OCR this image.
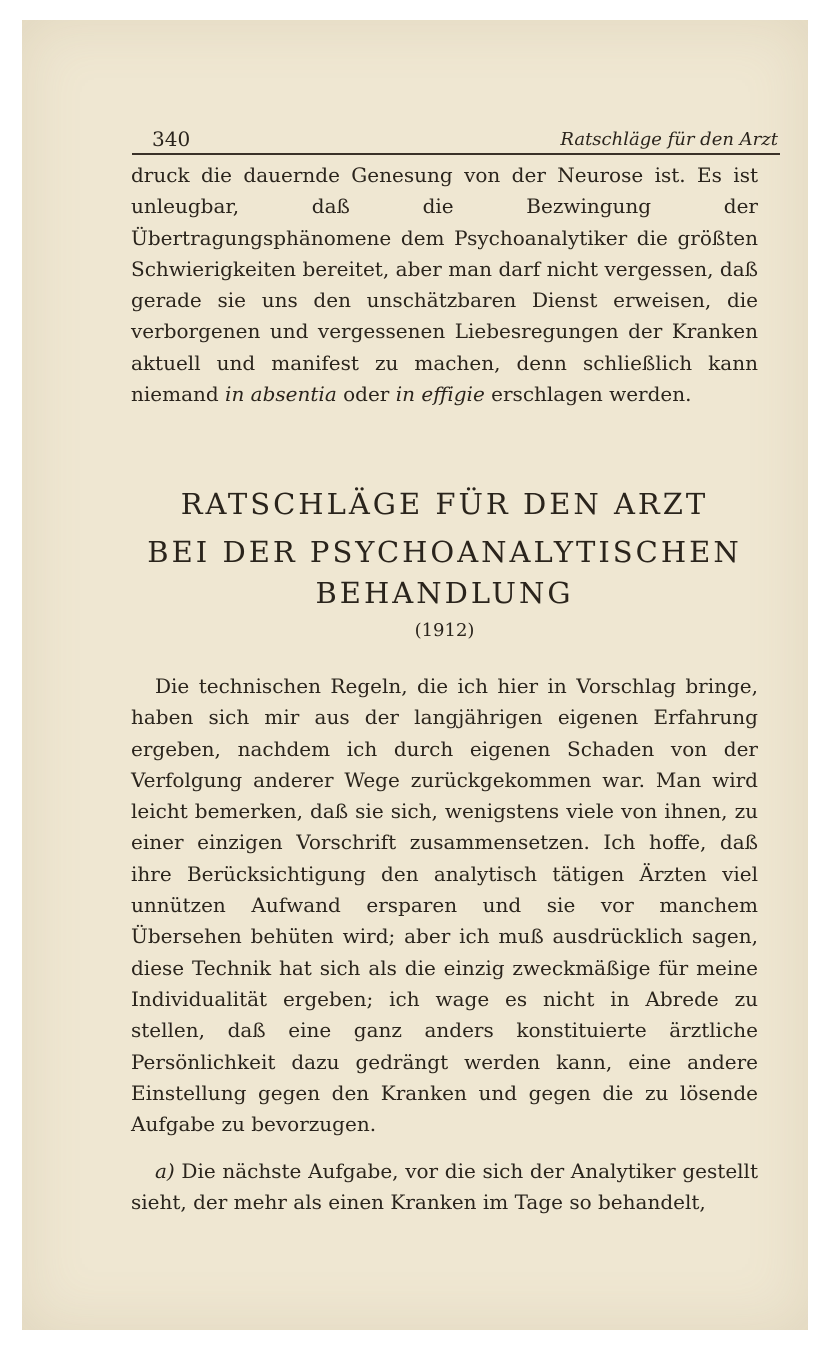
340	Ratschläge für den Arzt

druck die dauernde Genesung von der Neurose ist. Es ist unleugbar, daß die Bezwingung der Übertragungsphänomene dem Psychoanalytiker die größten Schwierigkeiten bereitet, aber man darf nicht vergessen, daß gerade sie uns den unschätzbaren Dienst erweisen, die verborgenen und vergessenen Liebesregungen der Kranken aktuell und manifest zu machen, denn schließlich kann niemand in absentia oder in effigie erschlagen werden.

RATSCHLÄGE FÜR DEN ARZT
BEI DER PSYCHOANALYTISCHEN
BEHANDLUNG
(1912)

Die technischen Regeln, die ich hier in Vorschlag bringe, haben sich mir aus der langjährigen eigenen Erfahrung ergeben, nachdem ich durch eigenen Schaden von der Verfolgung anderer Wege zurückgekommen war. Man wird leicht bemerken, daß sie sich, wenigstens viele von ihnen, zu einer einzigen Vorschrift zusammensetzen. Ich hoffe, daß ihre Berücksichtigung den analytisch tätigen Ärzten viel unnützen Aufwand ersparen und sie vor manchem Übersehen behüten wird; aber ich muß ausdrücklich sagen, diese Technik hat sich als die einzig zweckmäßige für meine Individualität ergeben; ich wage es nicht in Abrede zu stellen, daß eine ganz anders konstituierte ärztliche Persönlichkeit dazu gedrängt werden kann, eine andere Einstellung gegen den Kranken und gegen die zu lösende Aufgabe zu bevorzugen.

a) Die nächste Aufgabe, vor die sich der Analytiker gestellt sieht, der mehr als einen Kranken im Tage so behandelt,
